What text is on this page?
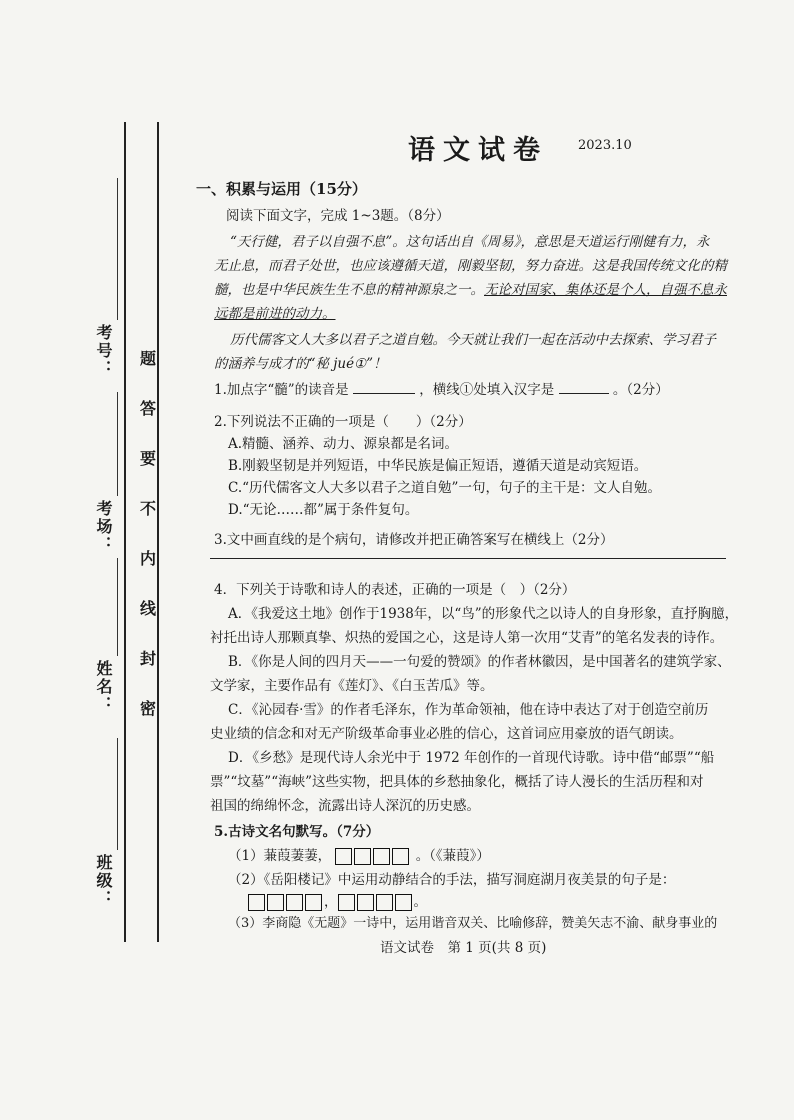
考号：
考场：
姓名：
班级：
题
答
要
不
内
线
封
密
语文试卷 2023.10
一、积累与运用（15分）
阅读下面文字，完成 1~3题。（8分）
“天行健，君子以自强不息”。这句话出自《周易》，意思是天道运行刚健有力，永
无止息，而君子处世，也应该遵循天道，刚毅坚韧，努力奋进。这是我国传统文化的精
髓，也是中华民族生生不息的精神源泉之一。无论对国家、集体还是个人，自强不息永
远都是前进的动力。
历代儒客文人大多以君子之道自勉。今天就让我们一起在活动中去探索、学习君子
的涵养与成才的“秘 jué①”！
1.加点字“髓”的读音是	，横线①处填入汉字是	。（2分）
2.下列说法不正确的一项是（　　）（2分）
A.精髓、涵养、动力、源泉都是名词。
B.刚毅坚韧是并列短语，中华民族是偏正短语，遵循天道是动宾短语。
C.“历代儒客文人大多以君子之道自勉”一句，句子的主干是：文人自勉。
D.“无论……都”属于条件复句。
3.文中画直线的是个病句，请修改并把正确答案写在横线上（2分）
4．下列关于诗歌和诗人的表述，正确的一项是（　）（2分）
A．《我爱这土地》创作于1938年，以“鸟”的形象代之以诗人的自身形象，直抒胸臆，
衬托出诗人那颗真挚、炽热的爱国之心，这是诗人第一次用“艾青”的笔名发表的诗作。
B．《你是人间的四月天——一句爱的赞颂》的作者林徽因，是中国著名的建筑学家、
文学家，主要作品有《莲灯》、《白玉苦瓜》等。
C．《沁园春·雪》的作者毛泽东，作为革命领袖，他在诗中表达了对于创造空前历
史业绩的信念和对无产阶级革命事业必胜的信心，这首词应用豪放的语气朗读。
D．《乡愁》是现代诗人余光中于 1972 年创作的一首现代诗歌。诗中借“邮票”“船
票”“坟墓”“海峡”这些实物，把具体的乡愁抽象化，概括了诗人漫长的生活历程和对
祖国的绵绵怀念，流露出诗人深沉的历史感。
5.古诗文名句默写。（7分）
（1）蒹葭萋萋，	。（《蒹葭》）
（2）《岳阳楼记》中运用动静结合的手法，描写洞庭湖月夜美景的句子是：
，	。
（3）李商隐《无题》一诗中，运用谐音双关、比喻修辞，赞美矢志不渝、献身事业的
语文试卷　第 1 页(共 8 页)
